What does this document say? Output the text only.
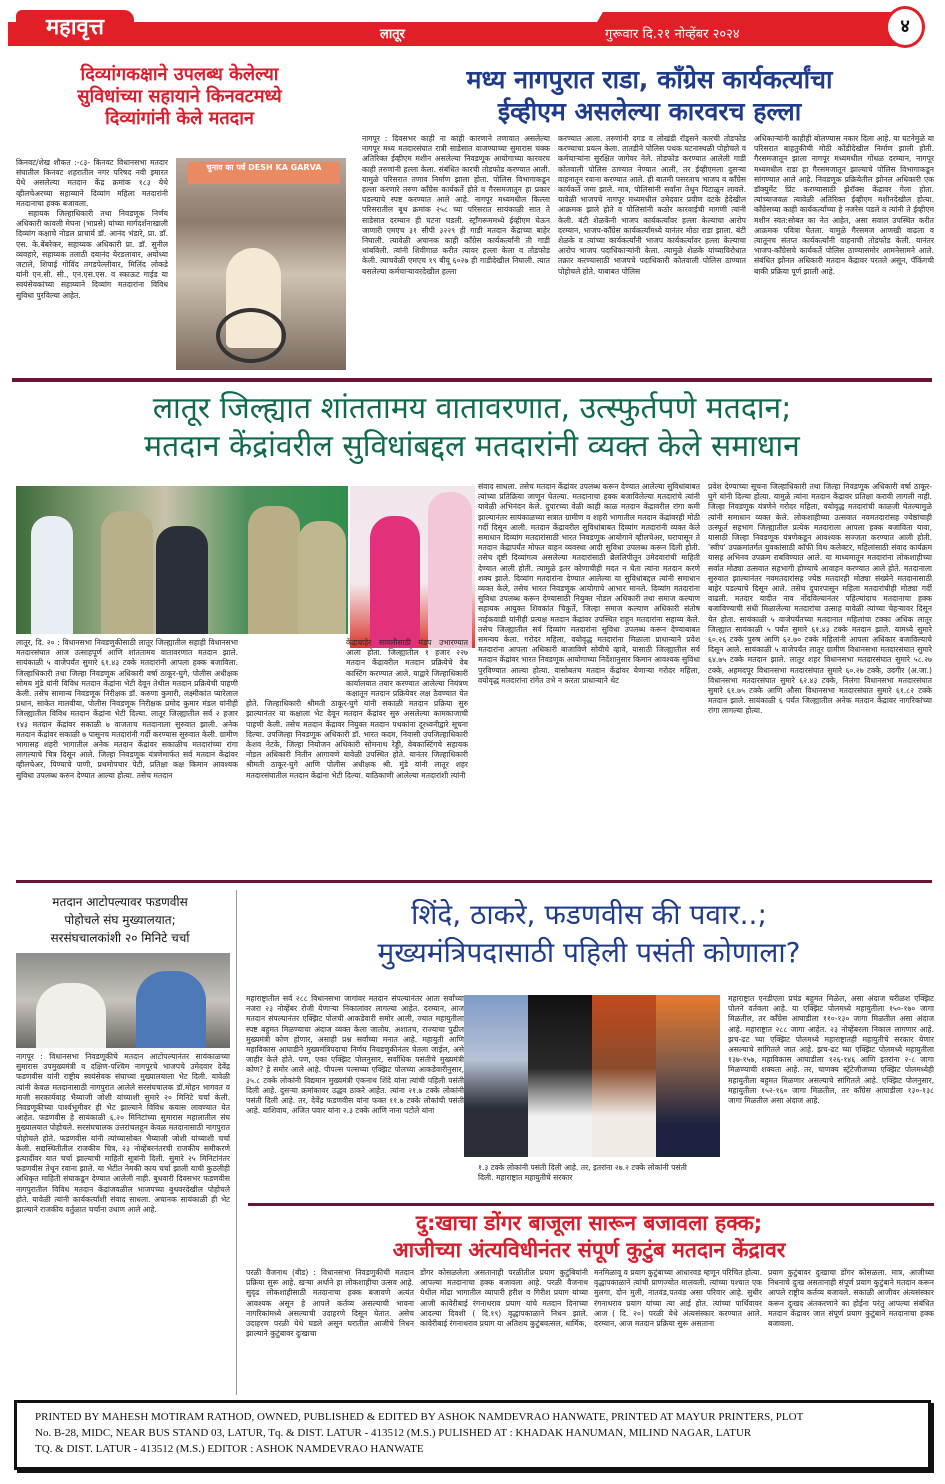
महावृत्त	लातूर	गुरूवार दि.२१ नोव्हेंबर २०२४	४
दिव्यांगकक्षाने उपलब्ध केलेल्या
सुविधांच्या सहायाने किनवटमध्ये
दिव्यांगांनी केले मतदान

किनवट/शेख शौकत :-८३- किनवट विधानसभा मतदार संघातील किनवट शहरातील नगर परिषद नवी इमारत येथे असलेल्या मतदान केंद्र क्रमांक १८३ येथे व्हीलचेअरच्या सहाय्याने दिव्यांग महिला मतदारांनी मतदानाचा हक्क बजावला.

सहायक जिल्हाधिकारी तथा निवडणूक निर्णय अधिकारी कावली मेघना (भाप्रसे) यांच्या मार्गदर्शनाखाली दिव्यांग कक्षाचे नोडल प्राचार्य डॉ. आनंद भंडारे, प्रा. डॉ. एस. के.बेंबरेकर, सहाय्यक अधिकारी प्रा. डॉ. सुनील व्यवहारे, सहाय्यक तलाठी दयानंद येरडलावार, अयोध्या जटाले, शिपाई गोविंद तगडपेल्लीवार, मिलिंद लोकडे यांनी एन.सी. सी., एन.एस.एस. व स्काऊट गाईड या स्वयंसेवकांच्या सहाय्याने दिव्यांग मतदारांना विविध सुविधा पुरविल्या आहेत.

चुनाव का पर्व DESH KA GARVA
मध्य नागपुरात राडा, काँग्रेस कार्यकर्त्यांचा
ईव्हीएम असलेल्या कारवरच हल्ला
नागपूर : दिवसभर काही ना काही कारणाने तणावात असलेल्या नागपूर मध्य मतदारसंघात रात्री साडेसात वाजण्याच्या सुमारास चक्क अतिरिक्त ईव्हीएम मशीन असलेल्या निवडणूक आयोगाच्या कारवरच काही तरुणांनी हल्ला केला. संबंधित कारची तोडफोड करण्यात आली. यामुळे परिसरात तणाव निर्माण झाला होता. पोलिस विभागाकडून हल्ला करणारे तरुण काँग्रेस कार्यकर्ते होते व गैरसमजातून हा प्रकार घडल्याचे स्पष्ट करण्यात आले आहे. नागपूर मध्यमधील किल्ला परिसरातील बूथ क्रमांक २५८ च्या परिसरात सायंकाळी सात ते साडेसात दरम्यान ही घटना घडली. स्ट्राँगरूममध्ये ईव्हीएम घेऊन जाणारी एमएच ३१ सीपी ३२२९ ही गाडी मतदान केंद्राच्या बाहेर निघाली. त्यावेळी अचानक काही काँग्रेस कार्यकर्त्यांनी ती गाडी थांबविली. त्यांनी शिवीगाळ करीत त्यावर हल्ला केला व तोडफोड केली. त्याचवेळी एमएच १९ बीयू ६०२७ ही गाडीदेखील निघाली. त्यात बसलेल्या कर्मचाऱ्यावरदेखील हल्ला
करण्यात आला. तरुणांनी दगड व लोखंडी रॉड्सने कारची तोडफोड करण्याचा प्रयत्न केला. तातडीने पोलिस पथक घटनास्थळी पोहोचले व कर्मचाऱ्यांना सुरक्षित जागेवर नेले. तोडफोड करण्यात आलेली गाडी कोतवाली पोलिस ठाण्यात नेण्यात आली, तर ईव्हीएमला दुसऱ्या वाहनातून रवाना करण्यात आले. ही बातमी पसरताच भाजप व काँग्रेस कार्यकर्ते जमा झाले. मात्र, पोलिसांनी सर्वांना तेथून पिटाळून लावले. यावेळी भाजपचे नागपूर मध्यमधील उमेदवार प्रवीण दटके हेदेखील आक्रमक झाले होते व पोलिसांनी कठोर कारवाईची मागणी त्यांनी केली. बंटी शेळकेंनी भाजप कार्यकर्त्यांवर हल्ला केल्याचा आरोप दरम्यान, भाजप-काँग्रेस कार्यकर्त्यांमध्ये यानंतर मोठा राडा झाला. बंटी शेळके व त्यांच्या कार्यकर्त्यांनी भाजप कार्यकर्त्यावर हल्ला केल्याचा आरोप भाजप पदाधिकाऱ्यांनी केला. त्यामुळे शेळके यांच्याविरोधात तक्रार करण्यासाठी भाजपचे पदाधिकारी कोतवाली पोलिस ठाण्यात पोहोचले होते. याबाबत पोलिस
अधिकाऱ्यांनी काहीही बोलण्यास नकार दिला आहे. या घटनेमुळे या परिसरात बाहतुकीची मोठी कोंडीदेखील निर्माण झाली होती. गैरसमजातून झाला नागपूर मध्यमधील गोंधळ दरम्यान, नागपूर मध्यमधील राडा हा गैरसमजातून झाल्याचे पोलिस विभागाकडून सांगण्यात आले आहे. निवडणूक प्रक्रियेतील झोनल अधिकारी एक डॉक्युमेंट प्रिंट करण्यासाठी झेरॉक्स केंद्रावर गेला होता. त्यांच्याजवळ त्यावेळी अतिरिक्त ईव्हीएम मशीनदेखील होत्या. काँग्रेसच्या काही कार्यकर्त्यांच्या हे नजरेस पडले व त्यांनी ते ईव्हीएम मशीन स्वत:सोबत का नेत आहेत, असा सवाल उपस्थित करीत आक्रमक पवित्रा घेतला. यामुळे गैरसमज आणखी वाढला व त्यातूनच संतप्त कार्यकर्त्यांनी वाहनाची तोडफोड केली. यानंतर भाजप-काँग्रेसचे कार्यकर्ते पोलिस ठाण्यासमोर आमनेसामने आले. संबंधित झोनल अधिकारी मतदान केंद्रावर परतले असून, पॅकिंगची बाकी प्रक्रिया पूर्ण झाली आहे.
लातूर जिल्ह्यात शांततामय वातावरणात, उत्स्फुर्तपणे मतदान;
मतदान केंद्रांवरील सुविधांबद्दल मतदारांनी व्यक्त केले समाधान
लातूर, दि. २० : विधानसभा निवडणुकीसाठी लातूर जिल्ह्यातील सहाही विधानसभा मतदारसंघात आज उत्साहपूर्ण आणि शांततामय वातावरणात मतदान झाले. सायंकाळी ५ वाजेपर्यंत सुमारे ६१.४३ टक्के मतदारांनी आपला हक्क बजाविला. जिल्हाधिकारी तथा जिल्हा निवडणूक अधिकारी वर्षा ठाकूर-घुगे, पोलीस अधीक्षक सोमय मुंडे यांनी विविध मतदान केंद्रांना भेटी देवून तेथील मतदान प्रक्रियेची पाहणी केली. तसेच सामान्य निवडणूक निरीक्षक डॉ. करुणा कुमारी, लक्ष्मीकांत प्यारेलाल प्रधान, साकेत मालवीया, पोलीस निवडणूक निरीक्षक प्रमोद कुमार मंडल यांनीही जिल्ह्यातील विविध मतदान केंद्रांना भेटी दिल्या. लातूर जिल्ह्यातील सर्व २ हजार १४३ मतदान केंद्रांवर सकाळी ७ वाजताच मतदानाला सुरुवात झाली. अनेक मतदान केंद्रांवर सकाळी ७ पासूनच मतदारांनी गर्दी करण्यास सुरुवात केली. ग्रामीण भागासह शहरी भागातील अनेक मतदान केंद्रांवर सकाळीच मतदारांच्या रांगा लागल्याचे चित्र दिसून आले. जिल्हा निवडणूक यंत्रणेमार्फत सर्व मतदान केंद्रांवर व्हीलचेअर, पिण्याचे पाणी, प्रथमोपचार पेटी, प्रतिक्षा कक्ष किमान आवश्यक सुविधा उपलब्ध करुन देण्यात आल्या होत्या. तसेच मतदान
केंद्राबाहेर सावलीसाठी मंडप उभारण्यात आला होता. जिल्ह्यातील १ हजार २२७ मतदान केंद्रावरील मतदान प्रक्रियेचे वेब कास्टिंग करण्यात आले. याद्वारे जिल्हाधिकारी कार्यालयात तयार करण्यात आलेल्या नियंत्रण कक्षातून मतदान प्रक्रियेवर लक्ष ठेवण्यात येत होते. जिल्हाधिकारी श्रीमती ठाकूर-घुगे यांनी सकाळी मतदान प्रक्रिया सुरु झाल्यानंतर या कक्षाला भेट देवून मतदान केंद्रांवर सुरु असलेल्या कामकाजाची पाहणी केली. तसेच मतदान केंद्रावर नियुक्त मतदान पथकांना दूरध्वनीद्वारे सूचना दिल्या. उपजिल्हा निवडणूक अधिकारी डॉ. भारत कदम, निवासी उपजिल्हाधिकारी केशव नेटके, जिल्हा नियोजन अधिकारी सोमनाथ रेड्डी, वेबकास्टिंगचे सहायक नोडल अधिकारी नितीन आगावणे यावेळी उपस्थित होते. यानंतर जिल्हाधिकारी श्रीमती ठाकूर-घुगे आणि पोलीस अधीक्षक श्री. मुंडे यांनी लातूर शहर मतदारसंघातील मतदान केंद्रांना भेटी दिल्या. याठिकाणी आलेल्या मतदारांशी त्यांनी
संवाद साधला. तसेच मतदान केंद्रांवर उपलब्ध करून देण्यात आलेल्या सुविधांबाबत त्यांच्या प्रतिक्रिया जाणून घेतल्या. मतदानाचा हक्क बजाविलेल्या मतदारांचे त्यांनी यावेळी अभिनंदन केले. दुपारच्या वेळी काही काळ मतदान केंद्रावरील रांगा कमी झाल्यानंतर सायंकाळच्या सत्रात ग्रामीण व शहरी भागातील मतदान केंद्रांवरही मोठी गर्दी दिसून आली. मतदान केंद्रावरील सुविधांबाबत दिव्यांग मतदारांनी व्यक्त केले समाधान दिव्यांग मतदारांसाठी भारत निवडणूक आयोगाने व्हीलचेअर, घरापासून ते मतदान केंद्रापर्यंत मोफत वाहन व्यवस्था आदी सुविधा उपलब्ध करून दिली होती. तसेच दृष्टी दिव्यांगत्व असलेल्या मतदारांसाठी ब्रेललिपीतून उमेदवारांची माहिती देण्यात आली होती. त्यामुळे इतर कोणाचीही मदत न घेता त्यांना मतदान करणे शक्य झाले. दिव्यांग मतदारांना देण्यात आलेल्या या सुविधांबद्दल त्यांनी समाधान व्यक्त केले, तसेच भारत निवडणूक आयोगाचे आभार मानले. दिव्यांग मतदारांना सुविधा उपलब्ध करून देण्यासाठी नियुक्त नोडल अधिकारी तथा समाज कल्याण सहायक आयुक्त शिवकांत चिकुर्ते, जिल्हा समाज कल्याण अधिकारी संतोष नाईकवाडी यांनीही प्रत्यक्ष मतदान केंद्रांवर उपस्थित राहून मतदारांना सहाय्य केले. तसेच जिल्ह्यातील सर्व दिव्यांग मतदारांना सुविधा उपलब्ध करून देण्याबाबत समन्वय केला. गरोदर महिला, वयोवृद्ध मतदारांना मिळाला प्राधान्याने प्रवेश मतदारांना आपला अधिकारी बाजाविणे सोयीचे व्हावे, यासाठी जिल्ह्यातील सर्व मतदान केंद्रांवर भारत निवडणूक आयोगाच्या निर्देशानुसार किमान आवश्यक सुविधा पुरविण्यात आल्या होत्या. यासोबतच मतदान केंद्रांवर येणाऱ्या गरोदर महिला, वयोवृद्ध मतदारांना रांगेत उभे न करता प्राधान्याने थेट
प्रवेश देण्याच्या सूचना जिल्हाधिकारी तथा जिल्हा निवडणूक अधिकारी वर्षा ठाकूर-घुगे यांनी दिल्या होत्या. यामुळे त्यांना मतदान केंद्रावर प्रतिक्षा करावी लागली नाही. जिल्हा निवडणूक यंत्रणेने गरोदर महिला, वयोवृद्ध मतदारांची काळजी घेतल्यामुळे त्यांनी समाधान व्यक्त केले. लोकशाहीच्या उत्सवात नवमतदारांसह ज्येष्ठांचाही उत्स्फूर्त सहभाग जिल्ह्यातील प्रत्येक मतदाराला आपला हक्क बजाविता यावा, यासाठी जिल्हा निवडणूक यंत्रणेकडून आवश्यक सज्जता करण्यात आली होती. 'स्वीप' उपक्रमांतर्गत युवकांसाठी कॉफी विथ कलेक्टर, महिलांसाठी संवाद कार्यक्रम यासह अभिनव उपक्रम राबविण्यात आले. या माध्यमातून मतदारांना लोकशाहीच्या सर्वात मोठ्या उत्सवात सहभागी होण्याचे आवाहन करण्यात आले होते. मतदानाला सुरुवात झाल्यानंतर नवमतदारांसह ज्येष्ठ मतदारही मोठ्या संख्येने मतदानासाठी बाहेर पडल्याचे दिसून आले. तसेच दुपारपासून महिला मतदारांचीही मोठ्या गर्दी वाढली. मतदार यादीत नाव नोंदविल्यानंतर पहिल्यांदाच मतदानाचा हक्क बजाविण्याची संधी मिळालेल्या मतदारांचा उत्साह यावेळी त्यांच्या चेहऱ्यावर दिसून येत होता. सायंकाळी ५ वाजेपर्यंतच्या मतदानात महिलांचा टक्का अधिक लातूर जिल्ह्यात सायंकाळी ५ पर्यंत सुमारे ६१.४३ टक्के मतदान झाले. यामध्ये सुमारे ६०.२६ टक्के पुरुष आणि ६२.७० टक्के महिलांनी आपला अधिकार बजाविल्याचे दिसून आले. सायंकाळी ५ वाजेपर्यंत लातूर ग्रामीण विधानसभा मतदारसंघात सुमारे ६४.७५ टक्के मतदान झाले. लातूर शहर विधानसभा मतदारसंघात सुमारे ५८.२७ टक्के, अहमदपूर विधानसभा मतदारसंघात सुमारे ६०.२७ टक्के, उदगीर (अ.जा.) विधानसभा मतदारसंघात सुमारे ६२.४३ टक्के, निलंगा विधानसभा मतदारसंघात सुमारे ६१.७५ टक्के आणि औसा विधानसभा मतदारसंघात सुमारे ६१.८२ टक्के मतदान झाले. सायंकाळी ६ पर्यंत जिल्ह्यातील अनेक मतदान केंद्रावर नागरिकांच्या रांगा लागल्या होत्या.
मतदान आटोपल्यावर फडणवीस
पोहोचले संघ मुख्यालयात;
सरसंघचालकांशी २० मिनिटे चर्चा
नागपूर : विधानसभा निवडणूकीचे मतदान आटोपल्यानंतर सायंकाळच्या सुमारास उपमुख्यमंत्री व दक्षिण-पश्चिम नागपूरचे भाजपचे उमेदवार देवेंद्र फडणवीस यांनी राष्ट्रीय स्वयंसेवक संघाच्या मुख्यालयाला भेट दिली. यावेळी त्यांनी केवळ मतदानासाठी नागपुरात आलेले सरसंघचालक डॉ.मोहन भागवत व माजी सरकार्यवाह भैय्याजी जोशी यांच्याशी सुमारे २० मिनिटे चर्चा केली. निवडणूकीच्या पार्श्वभूमीवर ही भेट झाल्याने विविध कयास लावण्यात येत आहेत. फडणवीस हे सायंकाळी ६.२० मिनिटांच्या सुमारास महालातील संघ मुख्यालयात पोहोचले. सरसंघचालक उत्तरांचलहून केवळ मतदानासाठी नागपुरात पोहोचले होते. फडणवीस यांनी त्यांच्यासोबत भैय्याजी जोशी यांच्याशी चर्चा केली. सद्यस्थितीतील राजकीय चित्र, २३ नोव्हेंबरनंतरची राजकीय समीकरणे इत्यादींवर यात चर्चा झाल्याची माहिती सूत्रांनी दिली. सुमारे २५ मिनिटांनंतर फडणवीस तेथून रवाना झाले. या भेटीत नेमकी काय चर्चा झाली याची कुठलीही अधिकृत माहिती संघाकडून देण्यात आलेली नाही. बुधवारी दिवसभर फडणवीस नागपुरातील विविध मतदान केंद्रांजवळील भाजपच्या बुथवरदेखील पोहोचले होते. यावेळी त्यांनी कार्यकर्त्यांशी संवाद साधला. अचानक सायंकाळी ही भेट झाल्याने राजकीय वर्तुळात चर्चांना उधाण आले आहे.
शिंदे, ठाकरे, फडणवीस की पवार..;
मुख्यमंत्रिपदासाठी पहिली पसंती कोणाला?
महाराष्ट्रातील सर्व २८८ विधानसभा जागांवर मतदान संपल्यानंतर आता सर्वांच्या नजरा २३ नोव्हेंबर रोजी येणाऱ्या निकालांवर लागल्या आहेत. दरम्यान, आज मतदान संपल्यानंतर एक्झिट पोलची आकडेवारी समोर आली, ज्यात महायुतीला स्पष्ट बहुमत मिळण्याचा अंदाज व्यक्त केला जातोय. अशातच, राज्याचा पुढील मुख्यमंत्री कोण होणार, असाही प्रश्न सर्वांच्या मनात आहे. महायुती आणि महाविकास आघाडीने मुख्यमंत्रिपदाचा निर्णय निवडणुकीनंतर घेतला जाईल, असे जाहीर केले होते. पण, एका एक्झिट पोलनुसार, सर्वाधिक पसंतीचे मुख्यमंत्री कोण? हे समोर आले आहे. पीपल्स पल्सच्या एक्झिट पोलच्या आकडेवारीनुसार, ३५.८ टक्के लोकांनी विद्यमान मुख्यमंत्री एकनाथ शिंदे यांना त्यांची पहिली पसंती दिली आहे. दुसऱ्या क्रमांकावर उद्धव ठाकरे आहेत. त्यांना २१.७ टक्के लोकांनी पसंती दिली आहे. तर, देवेंद्र फडणवीस यांना फक्त ११.७ टक्के लोकांची पसंती आहे. याशिवाय, अजित पवार यांना २.३ टक्के आणि नाना पटोले यांना
१.३ टक्के लोकांनी पसंती दिली आहे. तर, इतरांना २७.२ टक्के लोकांनी पसंती दिली. महाराष्ट्रात महायुतीचे सरकार
महाराष्ट्रात एनडीएला प्रचंड बहुमत मिळेल, असा अंदाज चरीळश एक्झिट पोलने वर्तवला आहे. या एक्झिट पोलमध्ये महायुतीला १५०-१७० जागा मिळतील, तर काँग्रेस आघाडीला ११०-१३० जागा मिळतील असा अंदाज आहे. महाराष्ट्रात २८८ जागा आहेत. २३ नोव्हेंबरला निकाल लागणार आहे. झच-ढट च्या एक्झिट पोलमध्ये महाराष्ट्रातही महायुतीचे सरकार येणार असल्याचे सांगितले जात आहे. झच-ढट च्या एक्झिट पोलमध्ये महायुतीला १३७-१५७, महाविकास आघाडीला १२६-१४६ आणि इतरांना २-८ जागा मिळण्याची शक्यता आहे. तर, चाणक्य स्ट्रॅटेजीजच्या एक्झिट पोलमध्येही महायुतीला बहुमत मिळणार असल्याचे सांगितले आहे. एक्झिट पोलनुसार, महायुतीला १५२-१६० जागा मिळतील, तर काँग्रेस आघाडीला १३०-१३८ जागा मिळतील असा अंदाज आहे.
दु:खाचा डोंगर बाजूला सारून बजावला हक्क;
आजीच्या अंत्यविधीनंतर संपूर्ण कुटुंब मतदान केंद्रावर
परळी वैजनाथ (बीड) : विधानसभा निवडणुकीची मतदान प्रक्रिया सुरू आहे. खऱ्या अर्थाने हा लोकशाहीचा उत्सव आहे. सुदृढ लोकशाहीसाठी मतदानाचा हक्क बजावणे अत्यंत आवश्यक असून हे आपले कर्तव्य असल्याची भावना नागरिकांमध्ये असल्याची उदाहरणे दिसून येतात. असेच उदाहरण परळी येथे घडले असून घरातील आजीचे निधन झाल्याने कुटुंबावर दुःखाचा
डोंगर कोसळलेला असतानाही परळीतील प्रयाग कुटुंबियांनी आपल्या मतदानाचा हक्क बजावला आहे. परळी वैजनाथ येथील मोंढा भागातील व्यापारी हरीश व गिरीश प्रयाग यांच्या आजी कावेरीबाई रंगनाथराव प्रयाग यांचे मतदान दिनाच्या आदल्या दिवशी ( दि.१९) वृद्धापकाळाने निधन झाले. कावेरीबाई रंगनाथराव प्रयाग या अतिशय कुटुंबवत्सल, धार्मिक,
मनमिळावू व प्रयाग कुटुंबाच्या आधारवड म्हणून परिचित होत्या. वृद्धापकाळाने त्यांची प्राणज्योत मालवली. त्यांच्या पश्चात एक मुलगा, दोन मुली, नातवंड,पतवंड असा परिवार आहे. सुधीर रंगनाथराव प्रयाग यांच्या त्या आई होत. त्यांच्या पार्थिवावर आज ( दि. २०) परळी येथे अंत्यसंस्कार करण्यात आले. दरम्यान, आज मतदान प्रक्रिया सुरू असताना
प्रयाग कुटुंबावर दुःखाचा डोंगर कोसळला. मात्र, आजीच्या निधनाचे दुःख असतानाही संपूर्ण प्रयाग कुटुंबाने मतदान करून आपले राष्ट्रीय कर्तव्य बजावले. सकाळी आजीवर अंत्यसंस्कार करून दुःखद अंतकरणाने का होईना परंतु आपल्या संबंधित मतदान केंद्रावर जात संपूर्ण प्रयाग कुटुंबाने मतदानाचा हक्क बजावला.
PRINTED BY MAHESH MOTIRAM RATHOD, OWNED, PUBLISHED & EDITED BY ASHOK NAMDEVRAO HANWATE, PRINTED AT MAYUR PRINTERS, PLOT
No. B-28, MIDC, NEAR BUS STAND 03, LATUR, Tq. & DIST. LATUR - 413512 (M.S.) PULISHED AT : KHADAK HANUMAN, MILIND NAGAR, LATUR
TQ. & DIST. LATUR - 413512 (M.S.) EDITOR : ASHOK NAMDEVRAO HANWATE
